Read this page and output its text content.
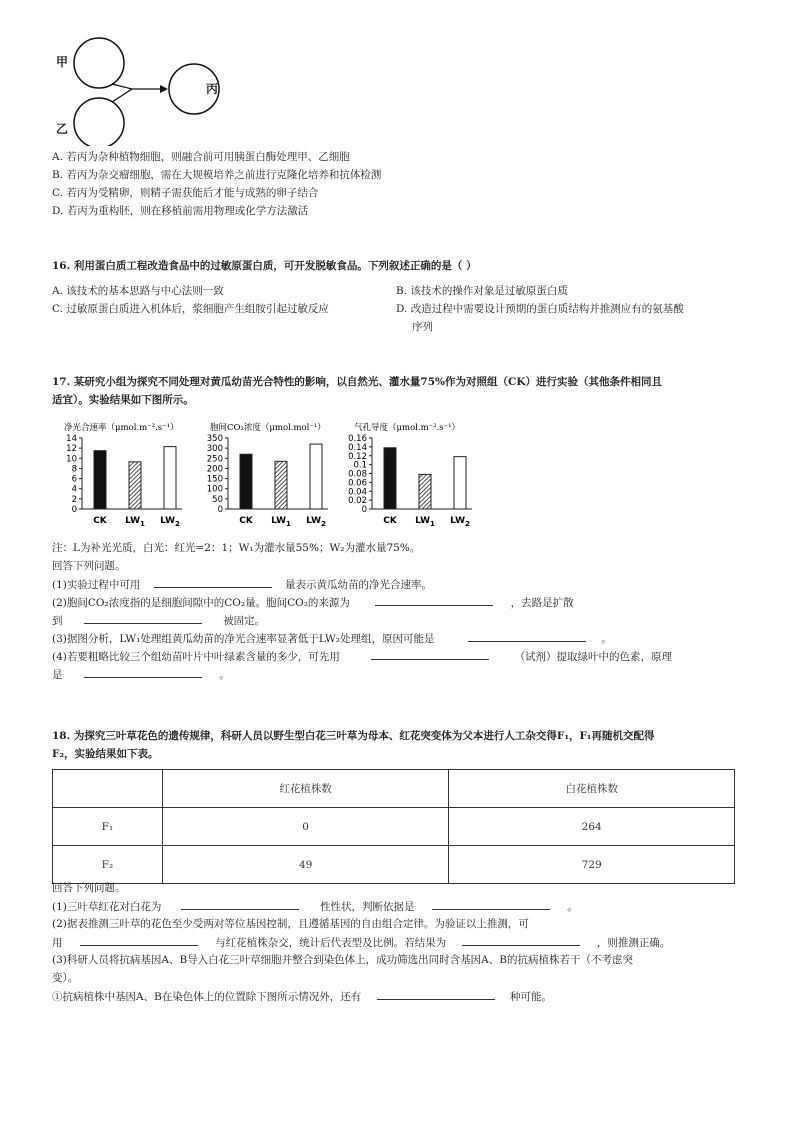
甲
乙
丙
A. 若丙为杂种植物细胞，则融合前可用胰蛋白酶处理甲、乙细胞
B. 若丙为杂交瘤细胞，需在大规模培养之前进行克隆化培养和抗体检测
C. 若丙为受精卵，则精子需获能后才能与成熟的卵子结合
D. 若丙为重构胚，则在移植前需用物理或化学方法激活
16. 利用蛋白质工程改造食品中的过敏原蛋白质，可开发脱敏食品。下列叙述正确的是（ ）
A. 该技术的基本思路与中心法则一致	B. 该技术的操作对象是过敏原蛋白质
C. 过敏原蛋白质进入机体后，浆细胞产生组胺引起过敏反应	D. 改造过程中需要设计预期的蛋白质结构并推测应有的氨基酸
序列
17. 某研究小组为探究不同处理对黄瓜幼苗光合特性的影响，以自然光、灌水量75%作为对照组（CK）进行实验（其他条件相同且
适宜）。实验结果如下图所示。
净光合速率（μmol.m⁻².s⁻¹）
14
12
10
8
6
4
2
0
CK $LW_1$ $LW_2$
胞间CO₂浓度（μmol.mol⁻¹）
350
300
250
200
150
100
50
0
CK $LW_1$ $LW_2$
气孔导度（μmol.m⁻².s⁻¹）
0.16
0.14
0.12
0.1
0.08
0.06
0.04
0.02
0
CK $LW_1$ $LW_2$
注：L为补光光质，白光：红光=2：1；W₁为灌水量55%；W₂为灌水量75%。
回答下列问题。
(1)实验过程中可用	量表示黄瓜幼苗的净光合速率。
(2)胞间CO₂浓度指的是细胞间隙中的CO₂量。胞间CO₂的来源为	，去路是扩散
到	被固定。
(3)据图分析，LW₁处理组黄瓜幼苗的净光合速率显著低于LW₂处理组，原因可能是	。
(4)若要粗略比较三个组幼苗叶片中叶绿素含量的多少，可先用	（试剂）提取绿叶中的色素，原理
是	。
18. 为探究三叶草花色的遗传规律，科研人员以野生型白花三叶草为母本、红花突变体为父本进行人工杂交得F₁，F₁再随机交配得
F₂，实验结果如下表。
	红花植株数	白花植株数
F₁	0	264
F₂	49	729
回答下列问题。
(1)三叶草红花对白花为	性性状，判断依据是	。
(2)据表推测三叶草的花色至少受两对等位基因控制，且遵循基因的自由组合定律。为验证以上推测，可
用	与红花植株杂交，统计后代表型及比例。若结果为	，则推测正确。
(3)科研人员将抗病基因A、B导入白花三叶草细胞并整合到染色体上，成功筛选出同时含基因A、B的抗病植株若干（不考虑突
变）。
①抗病植株中基因A、B在染色体上的位置除下图所示情况外，还有	种可能。
